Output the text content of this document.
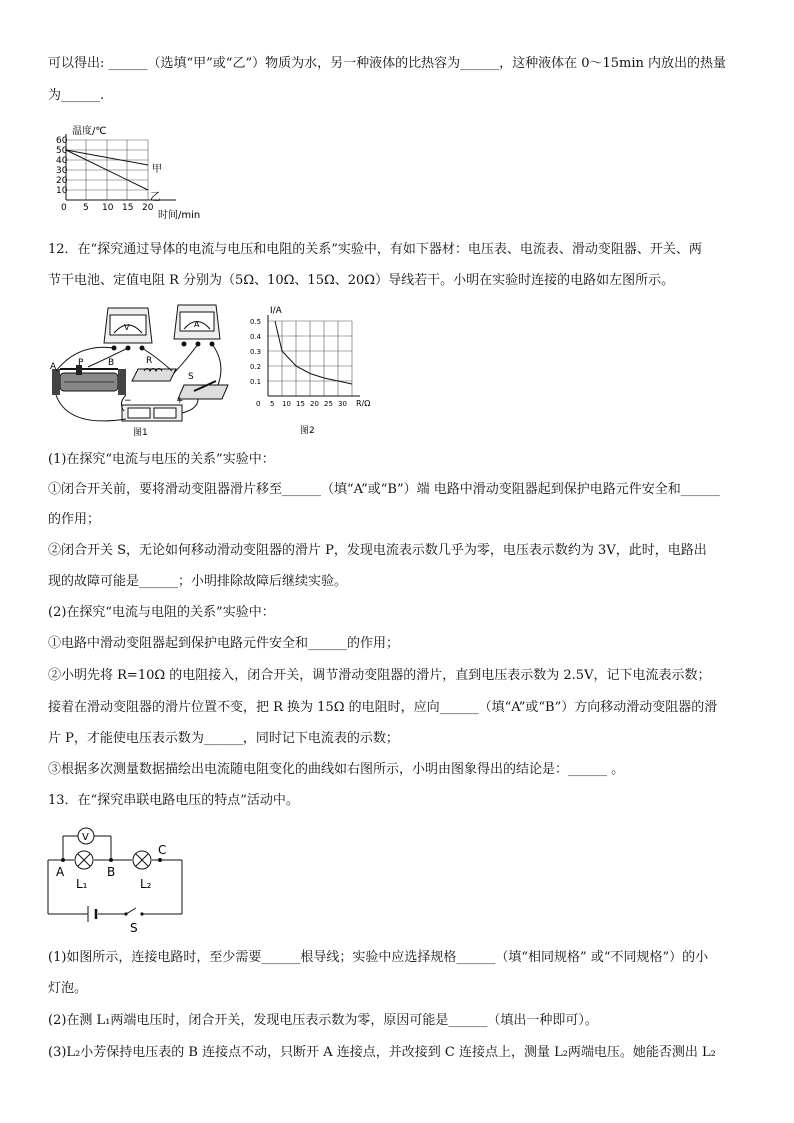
可以得出: ______（选填“甲”或“乙”）物质为水，另一种液体的比热容为______，这种液体在 0～15min 内放出的热量
为______.
温度/℃
60
50
40
30
20
10
0 5 10 15 20
甲
乙
时间/min
12．在“探究通过导体的电流与电压和电阻的关系”实验中，有如下器材：电压表、电流表、滑动变阻器、开关、两
节干电池、定值电阻 R 分别为（5Ω、10Ω、15Ω、20Ω）导线若干。小明在实验时连接的电路如左图所示。
V	A
A P	B	R
S
−	+
图1
I/A
0.5
0.4
0.3
0.2
0.1
0 5 10 15 20 25 30 R/Ω
图2
(1)在探究“电流与电压的关系”实验中：
①闭合开关前，要将滑动变阻器滑片移至______（填“A”或“B”）端 电路中滑动变阻器起到保护电路元件安全和______
的作用；
②闭合开关 S，无论如何移动滑动变阻器的滑片 P，发现电流表示数几乎为零，电压表示数约为 3V，此时，电路出
现的故障可能是______；小明排除故障后继续实验。
(2)在探究“电流与电阻的关系”实验中：
①电路中滑动变阻器起到保护电路元件安全和______的作用；
②小明先将 R=10Ω 的电阻接入，闭合开关，调节滑动变阻器的滑片，直到电压表示数为 2.5V，记下电流表示数；
接着在滑动变阻器的滑片位置不变，把 R 换为 15Ω 的电阻时，应向______（填“A”或“B”）方向移动滑动变阻器的滑
片 P，才能使电压表示数为______，同时记下电流表的示数；
③根据多次测量数据描绘出电流随电阻变化的曲线如右图所示，小明由图象得出的结论是：______ 。
13．在“探究串联电路电压的特点”活动中。
V
A	B
C
L₁	L₂
S
(1)如图所示，连接电路时，至少需要______根导线；实验中应选择规格______（填“相同规格” 或“不同规格”）的小
灯泡。
(2)在测 L₁两端电压时，闭合开关，发现电压表示数为零，原因可能是______（填出一种即可）。
(3)L₂小芳保持电压表的 B 连接点不动，只断开 A 连接点，并改接到 C 连接点上，测量 L₂两端电压。她能否测出 L₂
